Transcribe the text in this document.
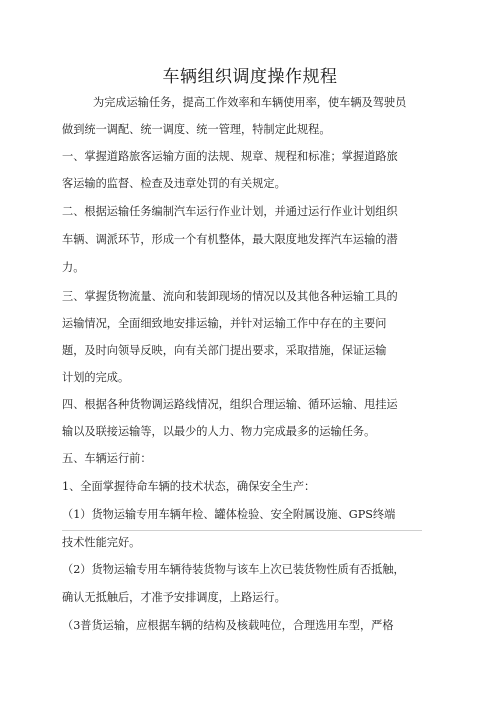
车辆组织调度操作规程
为完成运输任务，提高工作效率和车辆使用率，使车辆及驾驶员
做到统一调配、统一调度、统一管理，特制定此规程。
一、掌握道路旅客运输方面的法规、规章、规程和标准；掌握道路旅
客运输的监督、检查及违章处罚的有关规定。
二、根据运输任务编制汽车运行作业计划，并通过运行作业计划组织
车辆、调派环节，形成一个有机整体，最大限度地发挥汽车运输的潜
力。
三、掌握货物流量、流向和装卸现场的情况以及其他各种运输工具的
运输情况，全面细致地安排运输，并针对运输工作中存在的主要问
题，及时向领导反映，向有关部门提出要求，采取措施，保证运输
计划的完成。
四、根据各种货物调运路线情况，组织合理运输、循环运输、甩挂运
输以及联接运输等，以最少的人力、物力完成最多的运输任务。
五、车辆运行前：
1、全面掌握待命车辆的技术状态，确保安全生产：
（1）货物运输专用车辆年检、罐体检验、安全附属设施、GPS终端
技术性能完好。
（2）货物运输专用车辆待装货物与该车上次已装货物性质有否抵触，
确认无抵触后，才准予安排调度，上路运行。
（3普货运输，应根据车辆的结构及核载吨位，合理选用车型，严格
